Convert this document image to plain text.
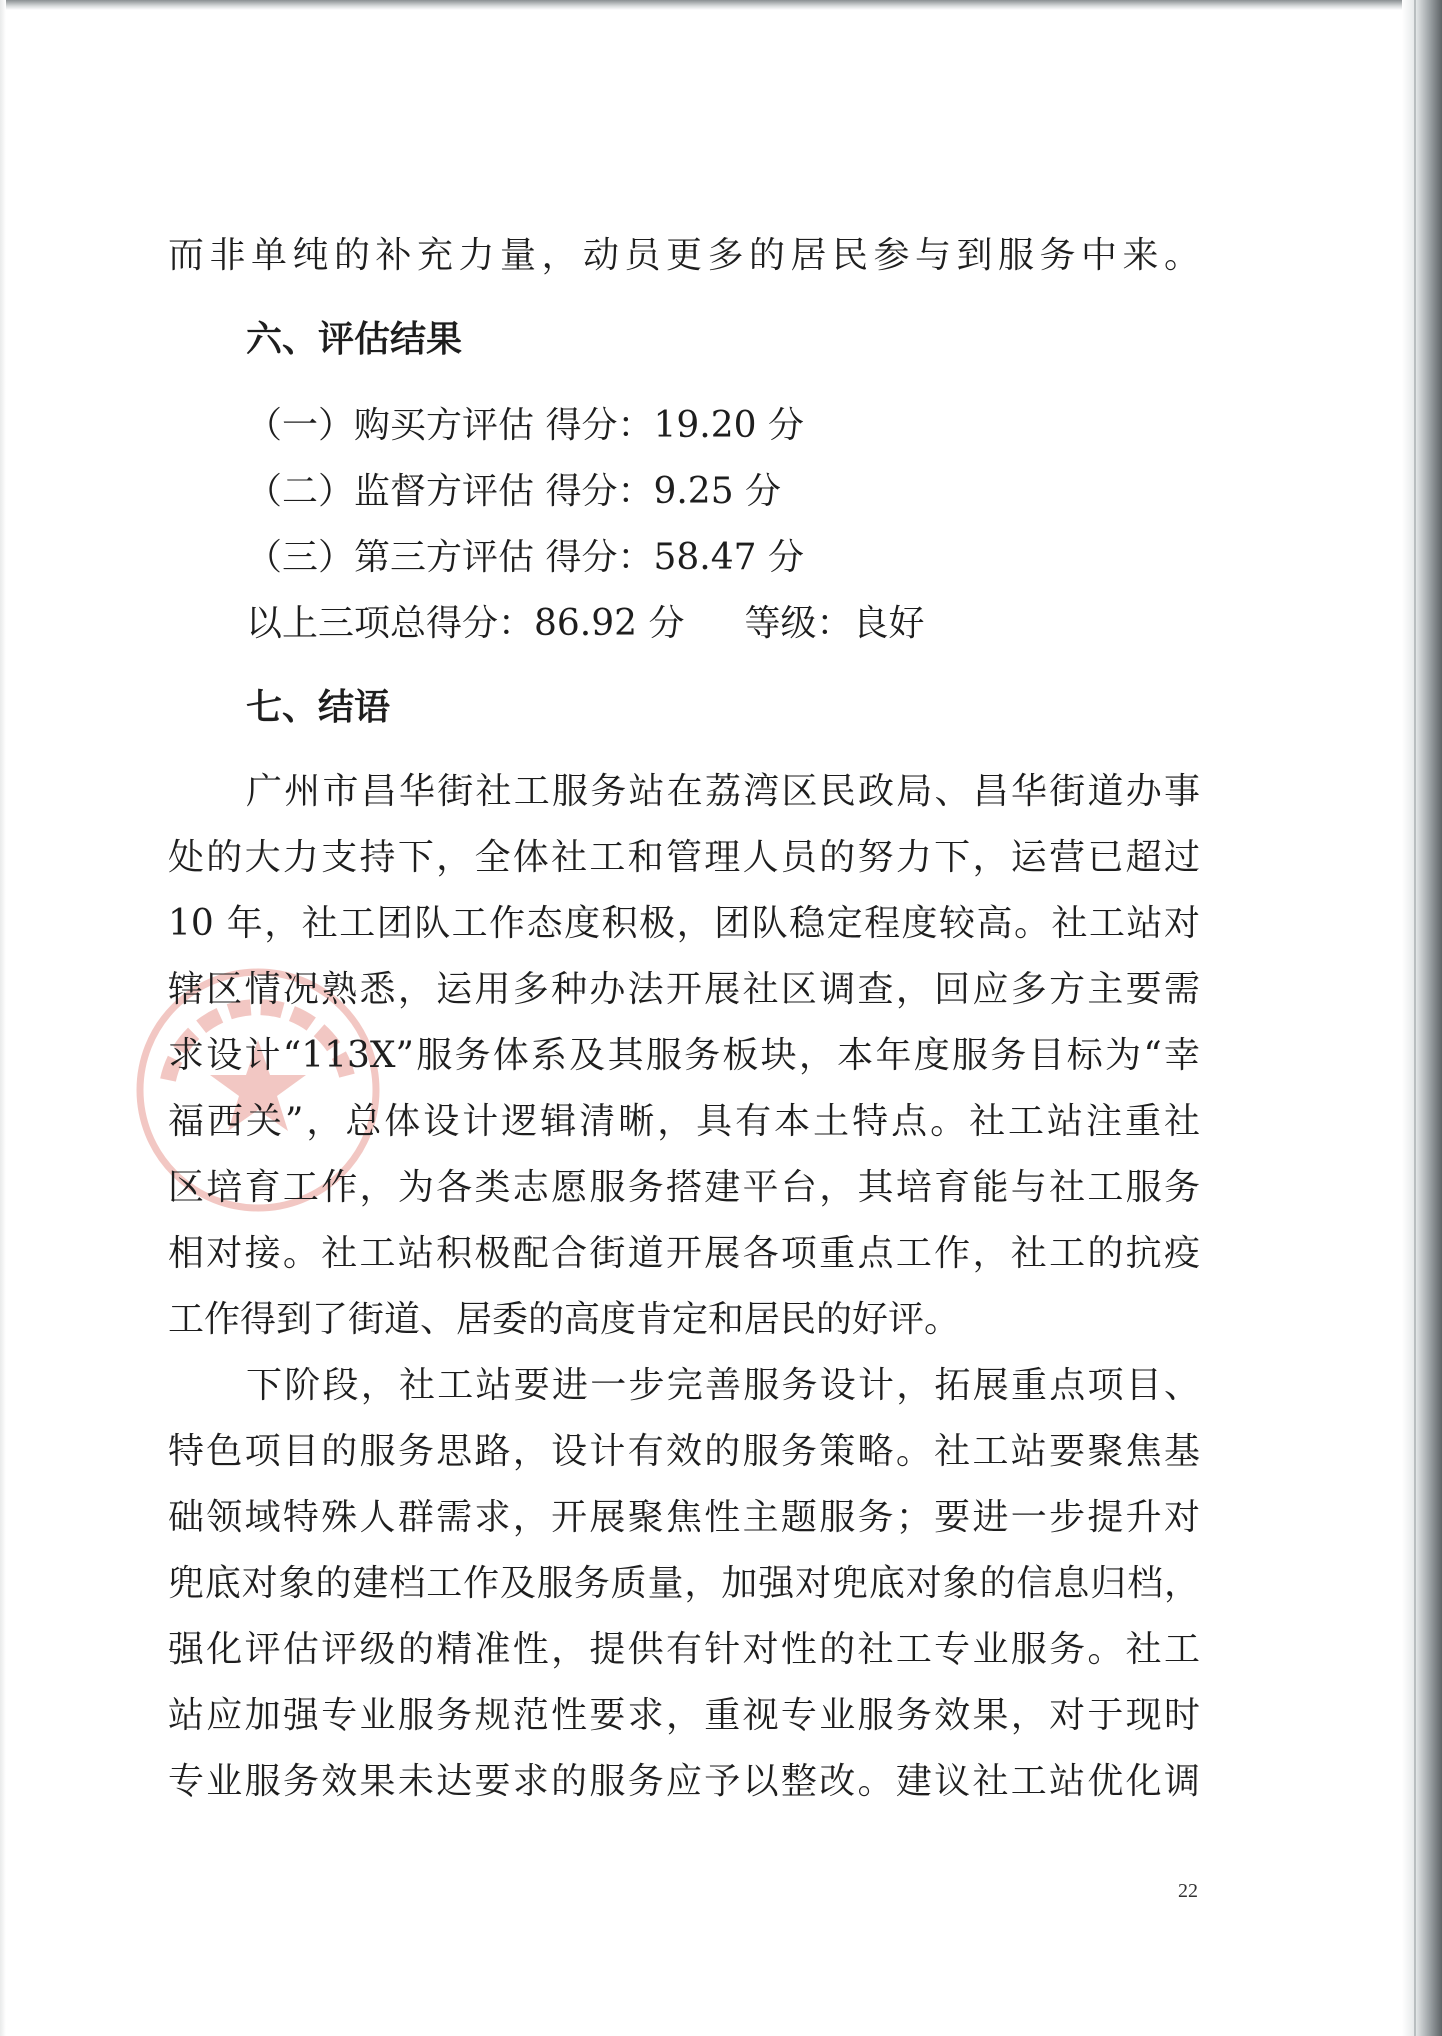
而非单纯的补充力量，动员更多的居民参与到服务中来。
六、评估结果
（一）购买方评估 得分：19.20 分
（二）监督方评估 得分：9.25 分
（三）第三方评估 得分：58.47 分
以上三项总得分：86.92 分 等级：良好
七、结语
广州市昌华街社工服务站在荔湾区民政局、昌华街道办事
处的大力支持下，全体社工和管理人员的努力下，运营已超过
10 年，社工团队工作态度积极，团队稳定程度较高。社工站对
辖区情况熟悉，运用多种办法开展社区调查，回应多方主要需
求设计“113X”服务体系及其服务板块，本年度服务目标为“幸
福西关”，总体设计逻辑清晰，具有本土特点。社工站注重社
区培育工作，为各类志愿服务搭建平台，其培育能与社工服务
相对接。社工站积极配合街道开展各项重点工作，社工的抗疫
工作得到了街道、居委的高度肯定和居民的好评。
下阶段，社工站要进一步完善服务设计，拓展重点项目、
特色项目的服务思路，设计有效的服务策略。社工站要聚焦基
础领域特殊人群需求，开展聚焦性主题服务；要进一步提升对
兜底对象的建档工作及服务质量，加强对兜底对象的信息归档，
强化评估评级的精准性，提供有针对性的社工专业服务。社工
站应加强专业服务规范性要求，重视专业服务效果，对于现时
专业服务效果未达要求的服务应予以整改。建议社工站优化调
22
